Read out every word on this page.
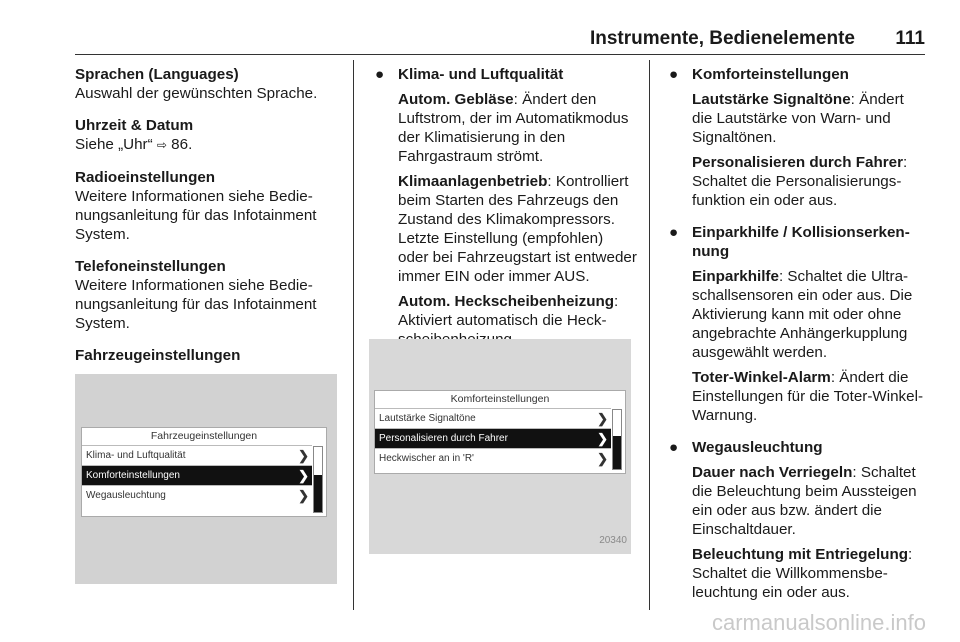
Instrumente, Bedienelemente 111
Sprachen (Languages)
Auswahl der gewünschten Sprache.
Uhrzeit & Datum
Siehe „Uhr“ ⇨ 86.
Radioeinstellungen
Weitere Informationen siehe Bedienungsanleitung für das Infotainment System.
Telefoneinstellungen
Weitere Informationen siehe Bedienungsanleitung für das Infotainment System.
Fahrzeugeinstellungen
Fahrzeugeinstellungen
Klima- und Luftqualität	❯
Komforteinstellungen	❯
Wegausleuchtung	❯
● Klima- und Luftqualität
Autom. Gebläse: Ändert den Luftstrom, der im Automatikmodus der Klimatisierung in den Fahrgastraum strömt.
Klimaanlagenbetrieb: Kontrolliert beim Starten des Fahrzeugs den Zustand des Klimakompressors. Letzte Einstellung (empfohlen) oder bei Fahrzeugstart ist entweder immer EIN oder immer AUS.
Autom. Heckscheibenheizung: Aktiviert automatisch die Heck
Komforteinstellungen
Lautstärke Signaltöne	❯
Personalisieren durch Fahrer	❯
Heckwischer an in 'R'	❯
20340
● Komforteinstellungen
Lautstärke Signaltöne: Ändert die Lautstärke von Warn- und Signaltönen.
Personalisieren durch Fahrer: Schaltet die Personalisierungsfunktion ein oder aus.
● Einparkhilfe / Kollisionserkennung
Einparkhilfe: Schaltet die Ultraschallsensoren ein oder aus. Die Aktivierung kann mit oder ohne angebrachte Anhängerkupplung ausgewählt werden.
Toter-Winkel-Alarm: Ändert die Einstellungen für die Toter-Winkel-Warnung.
● Wegausleuchtung
Dauer nach Verriegeln: Schaltet die Beleuchtung beim Aussteigen ein oder aus bzw. ändert die Einschaltdauer.
Beleuchtung mit Entriegelung: Schaltet die Willkommensbeleuchtung ein oder aus.
carmanualsonline.info
